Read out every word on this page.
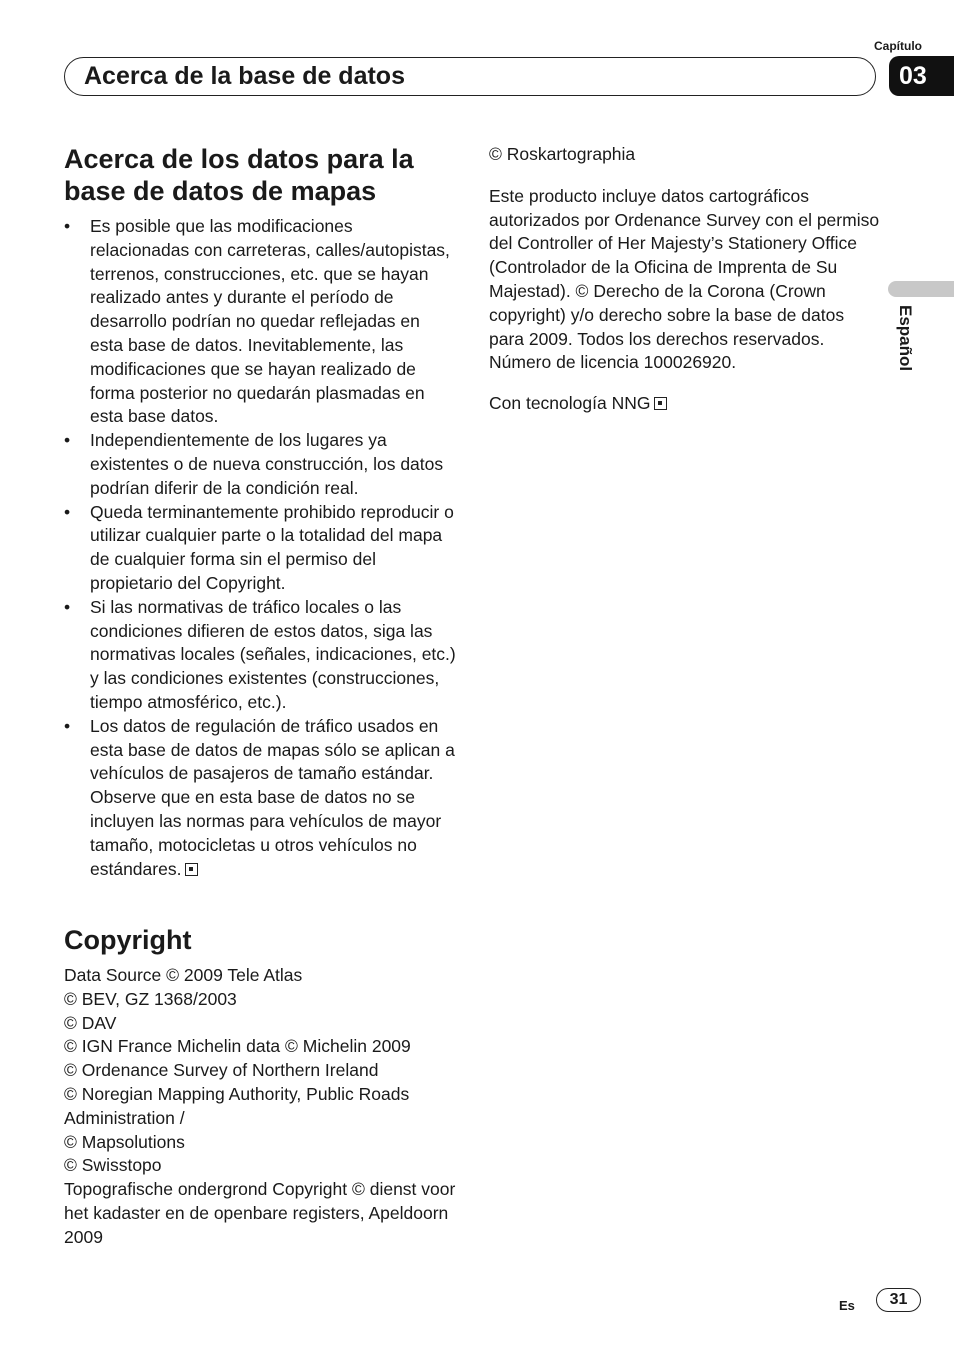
Capítulo
03
Acerca de la base de datos
Español
Acerca de los datos para la base de datos de mapas
• Es posible que las modificaciones relacionadas con carreteras, calles/autopistas, terrenos, construcciones, etc. que se hayan realizado antes y durante el período de desarrollo podrían no quedar reflejadas en esta base de datos. Inevitablemente, las modificaciones que se hayan realizado de forma posterior no quedarán plasmadas en esta base datos.
• Independientemente de los lugares ya existentes o de nueva construcción, los datos podrían diferir de la condición real.
• Queda terminantemente prohibido reproducir o utilizar cualquier parte o la totalidad del mapa de cualquier forma sin el permiso del propietario del Copyright.
• Si las normativas de tráfico locales o las condiciones difieren de estos datos, siga las normativas locales (señales, indicaciones, etc.) y las condiciones existentes (construcciones, tiempo atmosférico, etc.).
• Los datos de regulación de tráfico usados en esta base de datos de mapas sólo se aplican a vehículos de pasajeros de tamaño estándar. Observe que en esta base de datos no se incluyen las normas para vehículos de mayor tamaño, motocicletas u otros vehículos no estándares.
Copyright
Data Source © 2009 Tele Atlas
© BEV, GZ 1368/2003
© DAV
© IGN France Michelin data © Michelin 2009
© Ordenance Survey of Northern Ireland
© Noregian Mapping Authority, Public Roads Administration /
© Mapsolutions
© Swisstopo
Topografische ondergrond Copyright © dienst voor het kadaster en de openbare registers, Apeldoorn 2009

© Roskartographia

Este producto incluye datos cartográficos autorizados por Ordenance Survey con el permiso del Controller of Her Majesty’s Stationery Office (Controlador de la Oficina de Imprenta de Su Majestad). © Derecho de la Corona (Crown copyright) y/o derecho sobre la base de datos para 2009. Todos los derechos reservados. Número de licencia 100026920.

Con tecnología NNG

Es	31
